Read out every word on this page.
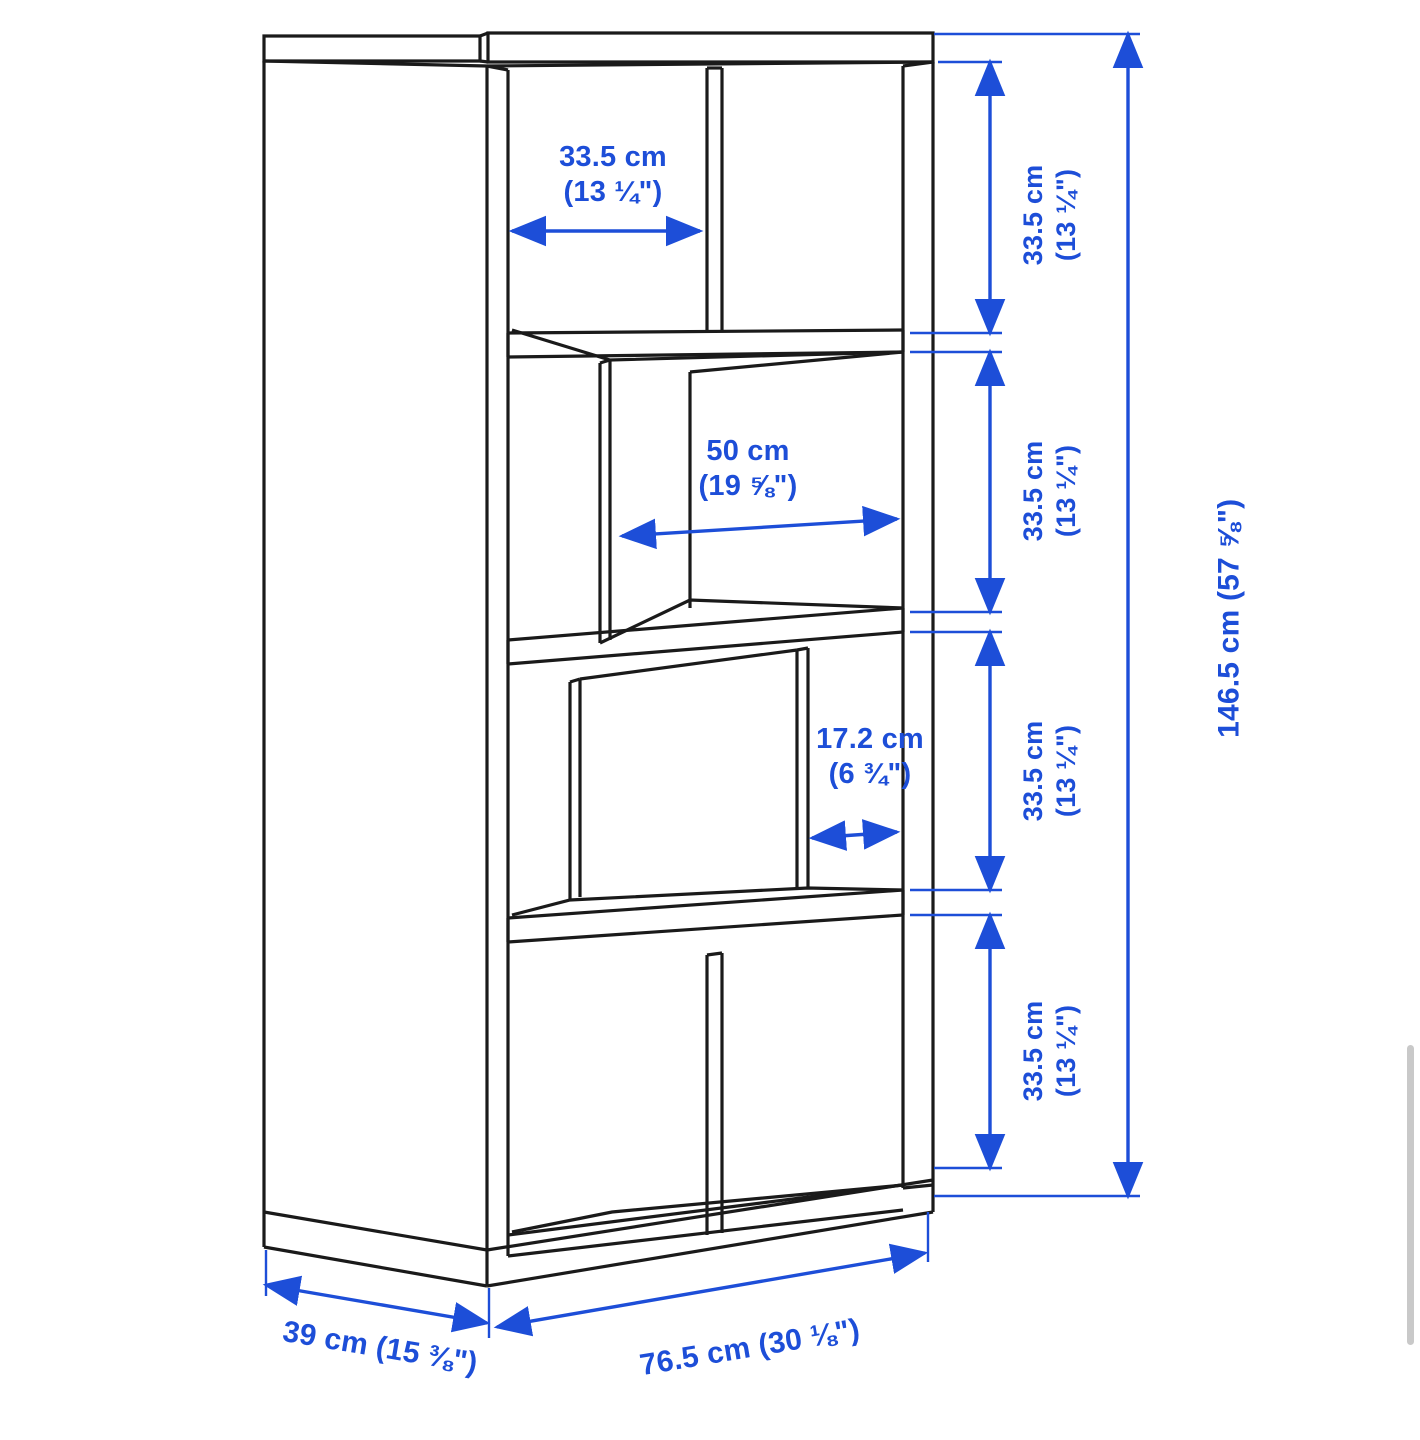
33.5 cm
(13 ¼")
50 cm
(19 ⅝")
17.2 cm
(6 ¾")
33.5 cm (13 ¼")
33.5 cm (13 ¼")
33.5 cm (13 ¼")
33.5 cm (13 ¼")
146.5 cm (57 ⅝")
39 cm (15 ⅜")	76.5 cm (30 ⅛")
